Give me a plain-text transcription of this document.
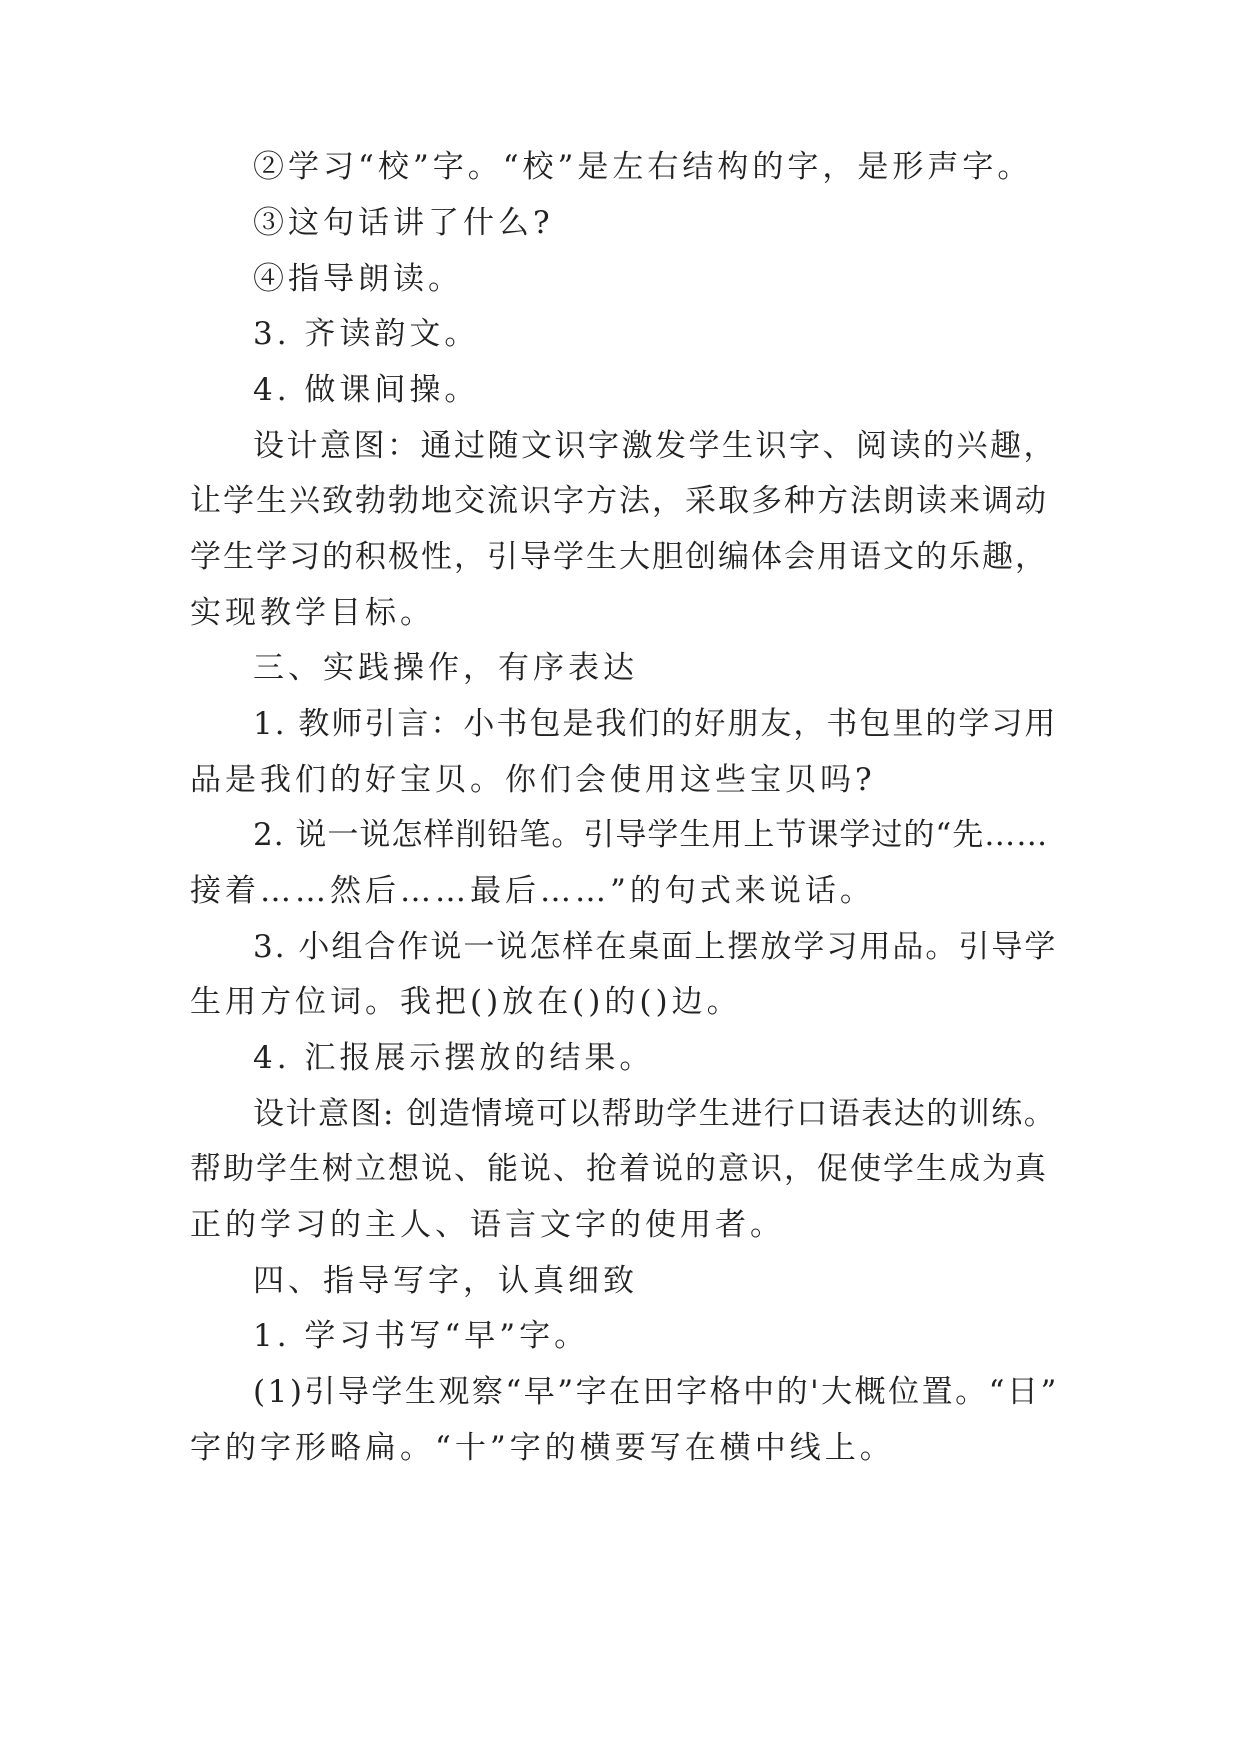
②学习“校”字。“校”是左右结构的字，是形声字。
③这句话讲了什么?
④指导朗读。
3. 齐读韵文。
4. 做课间操。
设计意图：通过随文识字激发学生识字、阅读的兴趣，
让学生兴致勃勃地交流识字方法，采取多种方法朗读来调动
学生学习的积极性，引导学生大胆创编体会用语文的乐趣，
实现教学目标。
三、实践操作，有序表达
1. 教师引言：小书包是我们的好朋友，书包里的学习用
品是我们的好宝贝。你们会使用这些宝贝吗?
2. 说一说怎样削铅笔。引导学生用上节课学过的“先……
接着……然后……最后……”的句式来说话。
3. 小组合作说一说怎样在桌面上摆放学习用品。引导学
生用方位词。我把()放在()的()边。
4. 汇报展示摆放的结果。
设计意图: 创造情境可以帮助学生进行口语表达的训练。
帮助学生树立想说、能说、抢着说的意识，促使学生成为真
正的学习的主人、语言文字的使用者。
四、指导写字，认真细致
1. 学习书写“早”字。
(1)引导学生观察“早”字在田字格中的'大概位置。“日”
字的字形略扁。“十”字的横要写在横中线上。
